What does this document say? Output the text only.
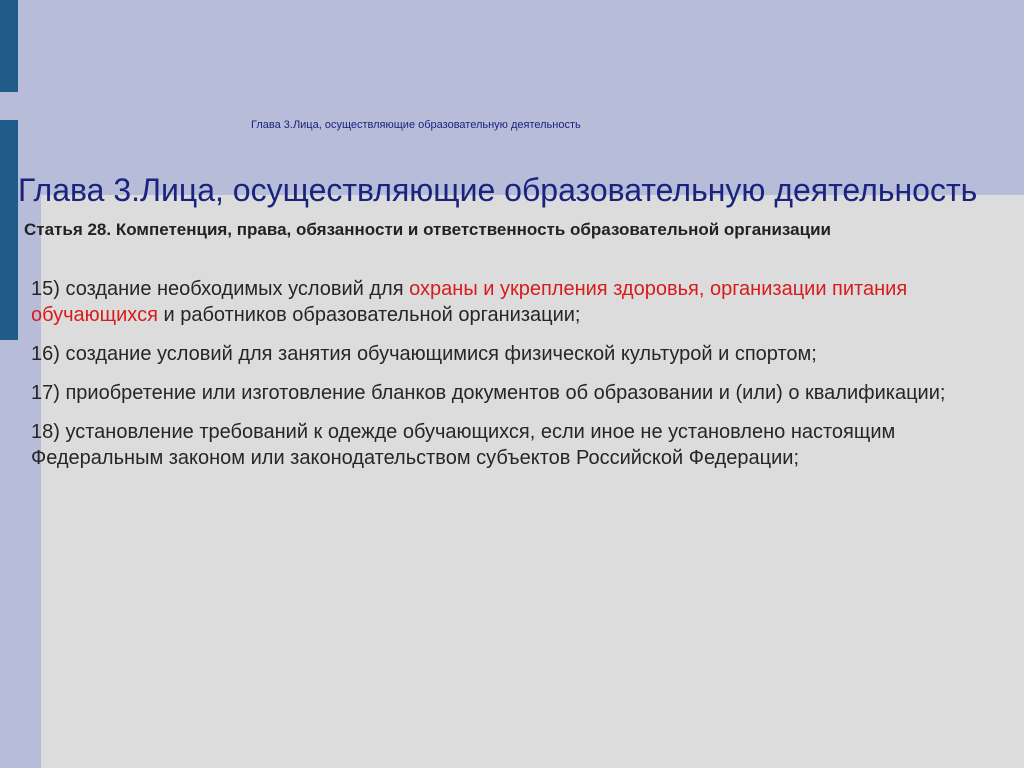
Глава 3.Лица, осуществляющие образовательную деятельность
Глава 3.Лица, осуществляющие образовательную деятельность
Статья 28. Компетенция, права, обязанности и ответственность образовательной организации

15) создание необходимых условий для охраны и укрепления здоровья, организации питания обучающихся и работников образовательной организации;

16) создание условий для занятия обучающимися физической культурой и спортом;

17) приобретение или изготовление бланков документов об образовании и (или) о квалификации;

18) установление требований к одежде обучающихся, если иное не установлено настоящим Федеральным законом или законодательством субъектов Российской Федерации;
